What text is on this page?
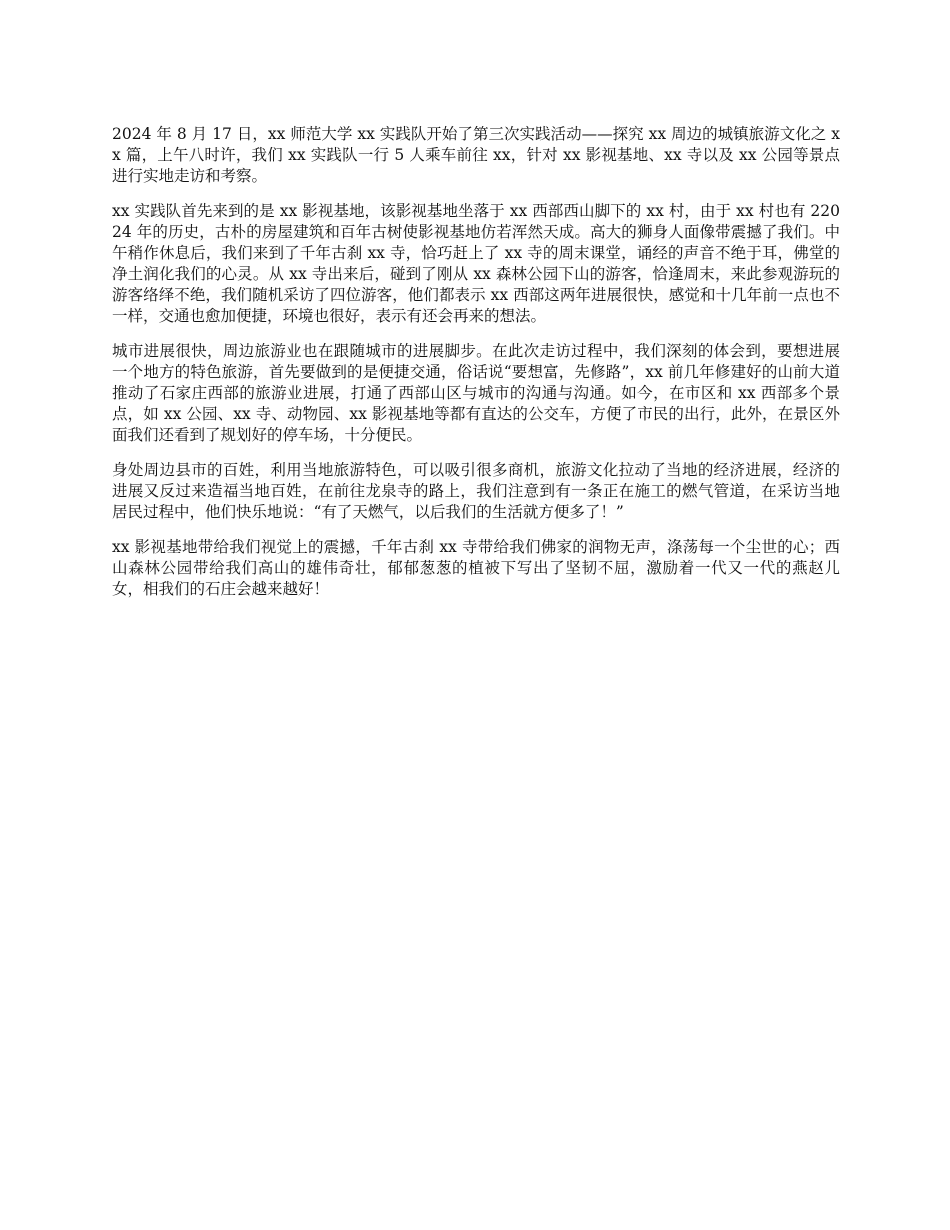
2024 年 8 月 17 日，xx 师范大学 xx 实践队开始了第三次实践活动——探究 xx 周边的城镇旅游文化之 xx 篇，上午八时许，我们 xx 实践队一行 5 人乘车前往 xx，针对 xx 影视基地、xx 寺以及 xx 公园等景点进行实地走访和考察。

xx 实践队首先来到的是 xx 影视基地，该影视基地坐落于 xx 西部西山脚下的 xx 村，由于 xx 村也有 22024 年的历史，古朴的房屋建筑和百年古树使影视基地仿若浑然天成。高大的狮身人面像带震撼了我们。中午稍作休息后，我们来到了千年古刹 xx 寺，恰巧赶上了 xx 寺的周末课堂，诵经的声音不绝于耳，佛堂的净土润化我们的心灵。从 xx 寺出来后，碰到了刚从 xx 森林公园下山的游客，恰逢周末，来此参观游玩的游客络绎不绝，我们随机采访了四位游客，他们都表示 xx 西部这两年进展很快，感觉和十几年前一点也不一样，交通也愈加便捷，环境也很好，表示有还会再来的想法。

城市进展很快，周边旅游业也在跟随城市的进展脚步。在此次走访过程中，我们深刻的体会到，要想进展一个地方的特色旅游，首先要做到的是便捷交通，俗话说“要想富，先修路”，xx 前几年修建好的山前大道推动了石家庄西部的旅游业进展，打通了西部山区与城市的沟通与沟通。如今，在市区和 xx 西部多个景点，如 xx 公园、xx 寺、动物园、xx 影视基地等都有直达的公交车，方便了市民的出行，此外，在景区外面我们还看到了规划好的停车场，十分便民。

身处周边县市的百姓，利用当地旅游特色，可以吸引很多商机，旅游文化拉动了当地的经济进展，经济的进展又反过来造福当地百姓，在前往龙泉寺的路上，我们注意到有一条正在施工的燃气管道，在采访当地居民过程中，他们快乐地说：“有了天燃气，以后我们的生活就方便多了！”

xx 影视基地带给我们视觉上的震撼，千年古刹 xx 寺带给我们佛家的润物无声，涤荡每一个尘世的心；西山森林公园带给我们高山的雄伟奇壮，郁郁葱葱的植被下写出了坚韧不屈，激励着一代又一代的燕赵儿女，相我们的石庄会越来越好！
